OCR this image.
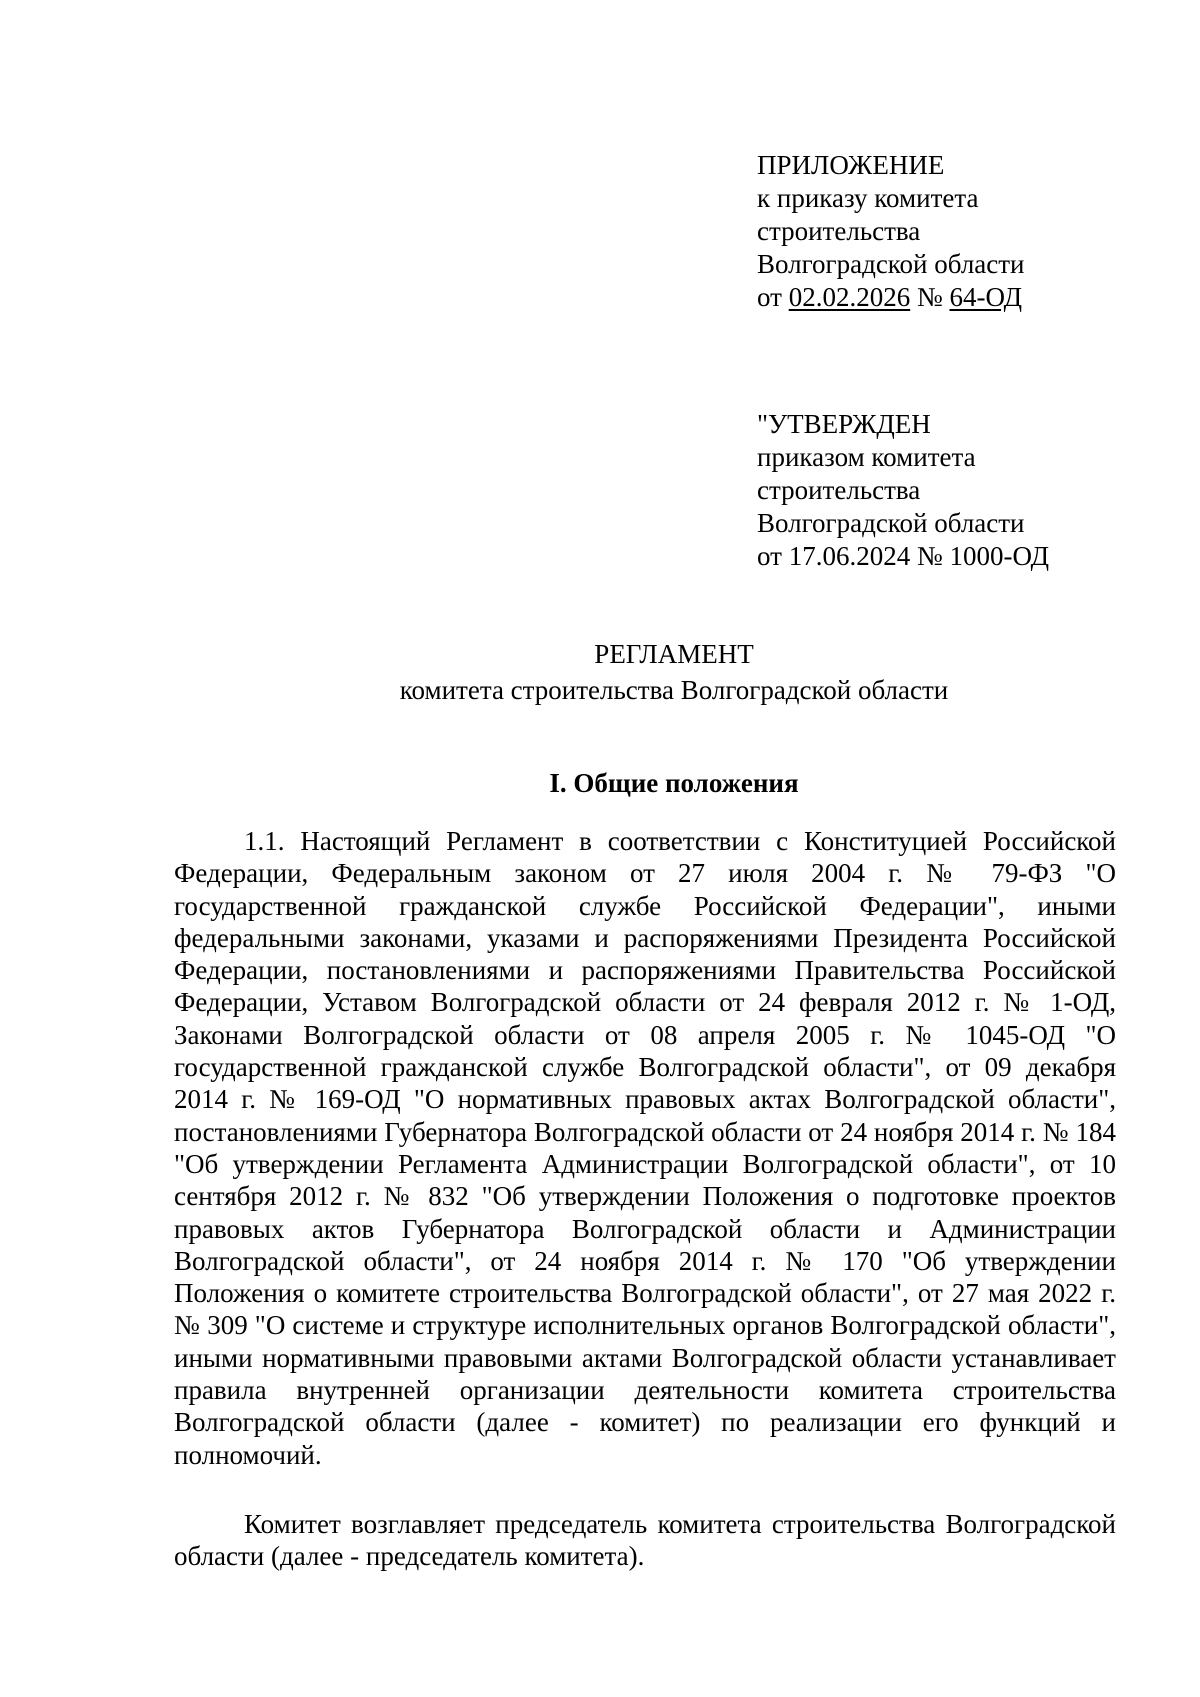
ПРИЛОЖЕНИЕ
к приказу комитета
строительства
Волгоградской области
от 02.02.2026 № 64-ОД
"УТВЕРЖДЕН
приказом комитета
строительства
Волгоградской области
от 17.06.2024 № 1000-ОД
РЕГЛАМЕНТ
комитета строительства Волгоградской области
I. Общие положения

1.1. Настоящий Регламент в соответствии с Конституцией Российской Федерации, Федеральным законом от 27 июля 2004 г. № 79-ФЗ "О государственной гражданской службе Российской Федерации", иными федеральными законами, указами и распоряжениями Президента Российской Федерации, постановлениями и распоряжениями Правительства Российской Федерации, Уставом Волгоградской области от 24 февраля 2012 г. № 1-ОД, Законами Волгоградской области от 08 апреля 2005 г. № 1045-ОД "О государственной гражданской службе Волгоградской области", от 09 декабря 2014 г. № 169-ОД "О нормативных правовых актах Волгоградской области", постановлениями Губернатора Волгоградской области от 24 ноября 2014 г. № 184 "Об утверждении Регламента Администрации Волгоградской области", от 10 сентября 2012 г. № 832 "Об утверждении Положения о подготовке проектов правовых актов Губернатора Волгоградской области и Администрации Волгоградской области", от 24 ноября 2014 г. № 170 "Об утверждении Положения о комитете строительства Волгоградской области", от 27 мая 2022 г. № 309 "О системе и структуре исполнительных органов Волгоградской области", иными нормативными правовыми актами Волгоградской области устанавливает правила внутренней организации деятельности комитета строительства Волгоградской области (далее - комитет) по реализации его функций и полномочий.

Комитет возглавляет председатель комитета строительства Волгоградской области (далее - председатель комитета).
